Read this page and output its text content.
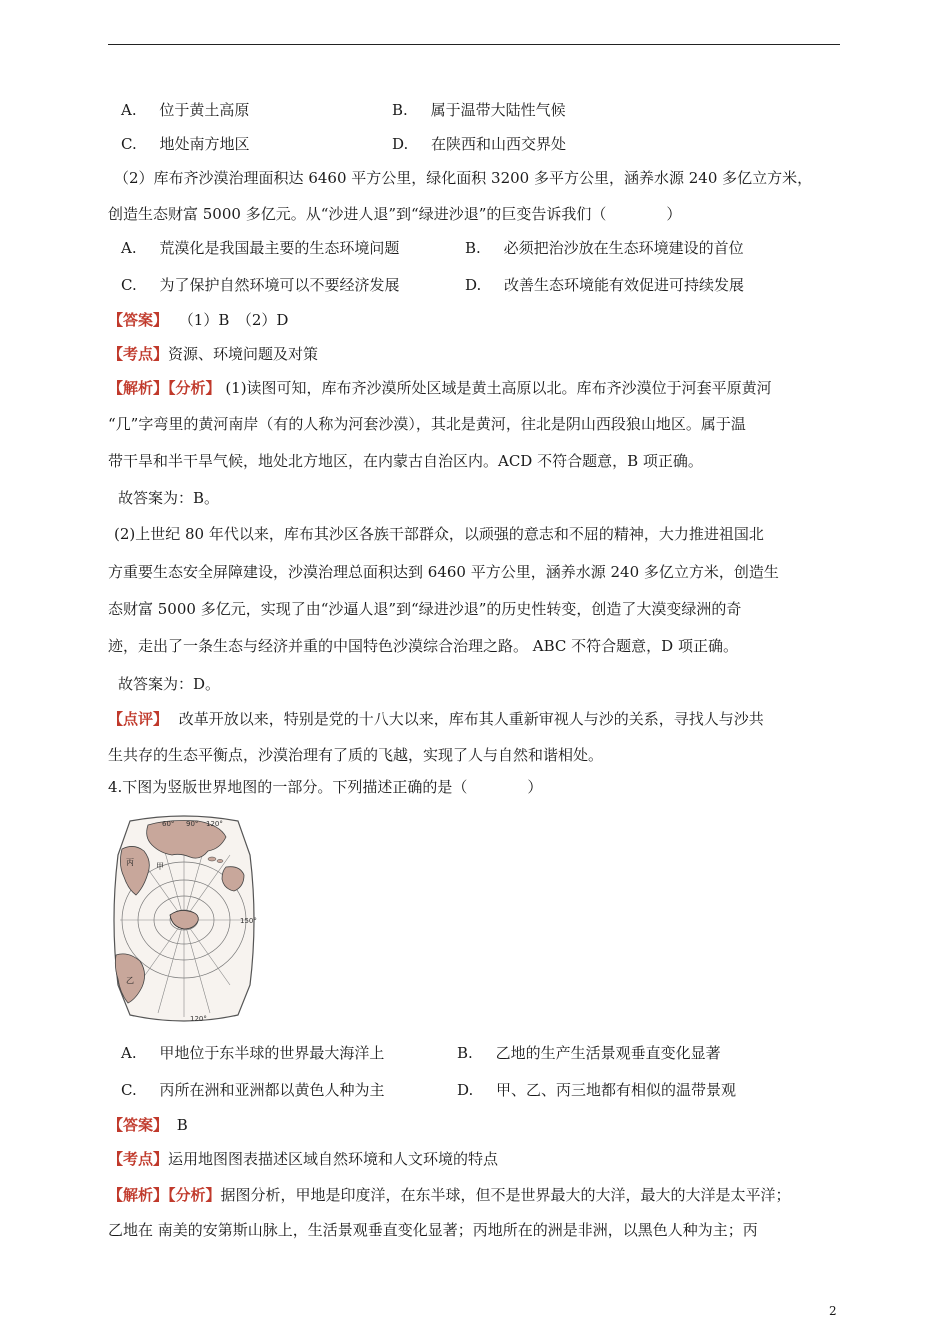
A. 位于黄土高原	B. 属于温带大陆性气候
C. 地处南方地区	D. 在陕西和山西交界处
（2）库布齐沙漠治理面积达 6460 平方公里，绿化面积 3200 多平方公里，涵养水源 240 多亿立方米，
创造生态财富 5000 多亿元。从“沙进人退”到“绿进沙退”的巨变告诉我们（　　　　）
A. 荒漠化是我国最主要的生态环境问题	B. 必须把治沙放在生态环境建设的首位
C. 为了保护自然环境可以不要经济发展	D. 改善生态环境能有效促进可持续发展
【答案】 （1）B　（2）D
【考点】资源、环境问题及对策
【解析】【分析】 (1)读图可知，库布齐沙漠所处区域是黄土高原以北。库布齐沙漠位于河套平原黄河
“几”字弯里的黄河南岸（有的人称为河套沙漠），其北是黄河，往北是阴山西段狼山地区。属于温
带干旱和半干旱气候，地处北方地区，在内蒙古自治区内。ACD 不符合题意，B 项正确。
故答案为：B。
(2)上世纪 80 年代以来，库布其沙区各族干部群众，以顽强的意志和不屈的精神，大力推进祖国北
方重要生态安全屏障建设，沙漠治理总面积达到 6460 平方公里，涵养水源 240 多亿立方米，创造生
态财富 5000 多亿元，实现了由“沙逼人退”到“绿进沙退”的历史性转变，创造了大漠变绿洲的奇
迹，走出了一条生态与经济并重的中国特色沙漠综合治理之路。 ABC 不符合题意，D 项正确。
故答案为：D。
【点评】 改革开放以来，特别是党的十八大以来，库布其人重新审视人与沙的关系，寻找人与沙共
生共存的生态平衡点，沙漠治理有了质的飞越，实现了人与自然和谐相处。
4.下图为竖版世界地图的一部分。下列描述正确的是（　　　　）
60° 90° 120°
150°
120°
甲
乙
丙
A. 甲地位于东半球的世界最大海洋上	B. 乙地的生产生活景观垂直变化显著
C. 丙所在洲和亚洲都以黄色人种为主	D. 甲、乙、丙三地都有相似的温带景观
【答案】 B
【考点】运用地图图表描述区域自然环境和人文环境的特点
【解析】【分析】据图分析，甲地是印度洋，在东半球，但不是世界最大的大洋，最大的大洋是太平洋；
乙地在 南美的安第斯山脉上，生活景观垂直变化显著；丙地所在的洲是非洲，以黑色人种为主；丙
2
